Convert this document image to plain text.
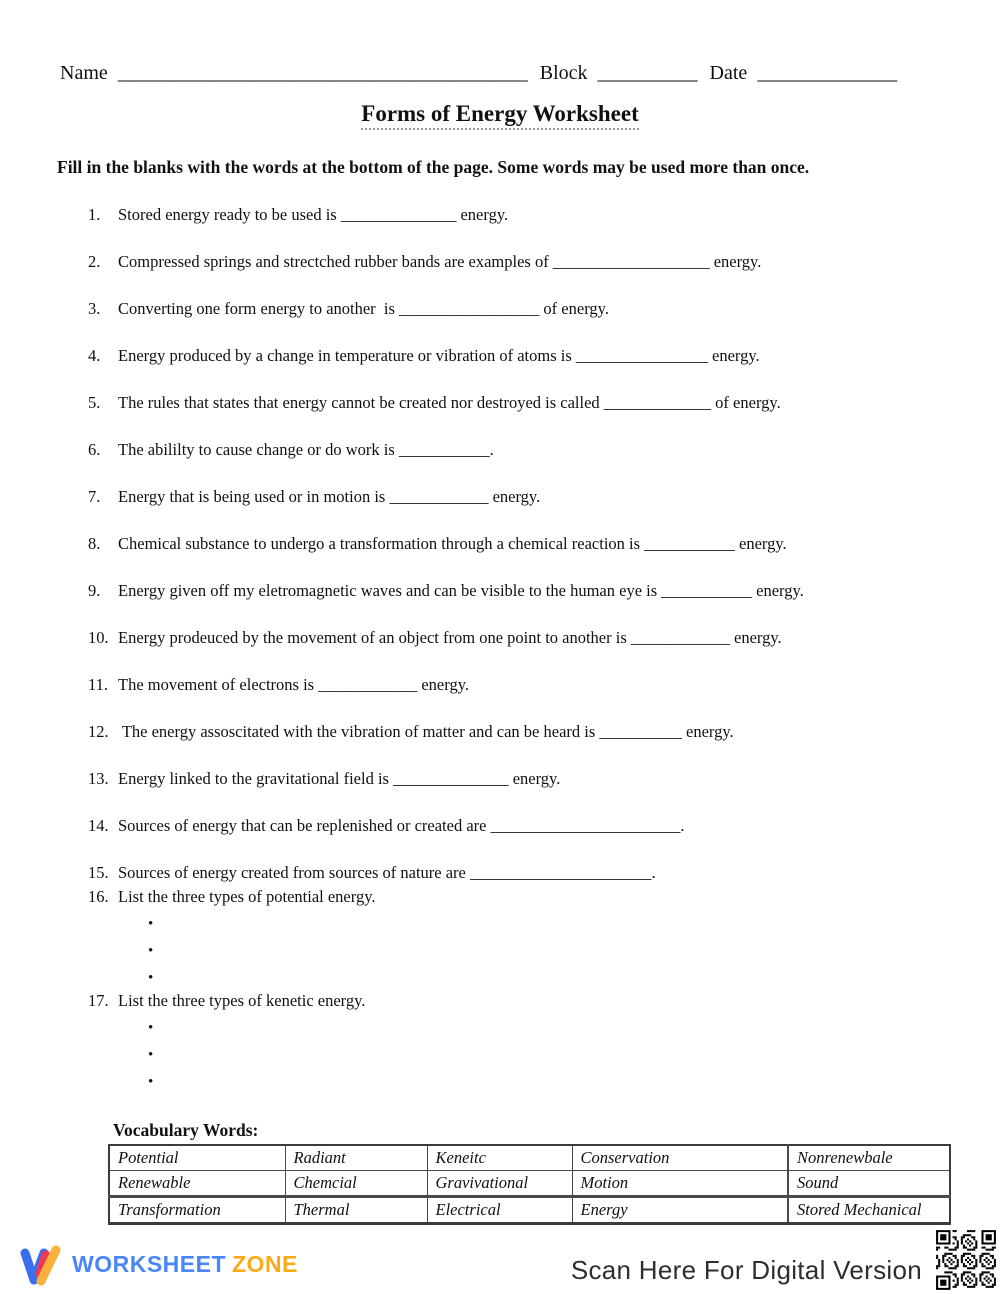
Name _________________________________________ Block __________ Date ______________
Forms of Energy Worksheet

Fill in the blanks with the words at the bottom of the page. Some words may be used more than once.

1.	Stored energy ready to be used is ______________ energy.
2.	Compressed springs and strectched rubber bands are examples of ___________________ energy.
3.	Converting one form energy to another  is _________________ of energy.
4.	Energy produced by a change in temperature or vibration of atoms is ________________ energy.
5.	The rules that states that energy cannot be created nor destroyed is called _____________ of energy.
6.	The abililty to cause change or do work is ___________.
7.	Energy that is being used or in motion is ____________ energy.
8.	Chemical substance to undergo a transformation through a chemical reaction is ___________ energy.
9.	Energy given off my eletromagnetic waves and can be visible to the human eye is ___________ energy.
10. Energy prodeuced by the movement of an object from one point to another is ____________ energy.
11. The movement of electrons is ____________ energy.
12. The energy assoscitated with the vibration of matter and can be heard is __________ energy.
13. Energy linked to the gravitational field is ______________ energy.
14. Sources of energy that can be replenished or created are _______________________.
15. Sources of energy created from sources of nature are ______________________.
16. List the three types of potential energy.
•
•
•
17. List the three types of kenetic energy.
•
•
•
Vocabulary Words:
Potential	Radiant	Keneitc	Conservation	Nonrenewbale
Renewable	Chemcial	Gravivational	Motion	Sound
Transformation	Thermal	Electrical	Energy	Stored Mechanical
WORKSHEET ZONE	Scan Here For Digital Version
